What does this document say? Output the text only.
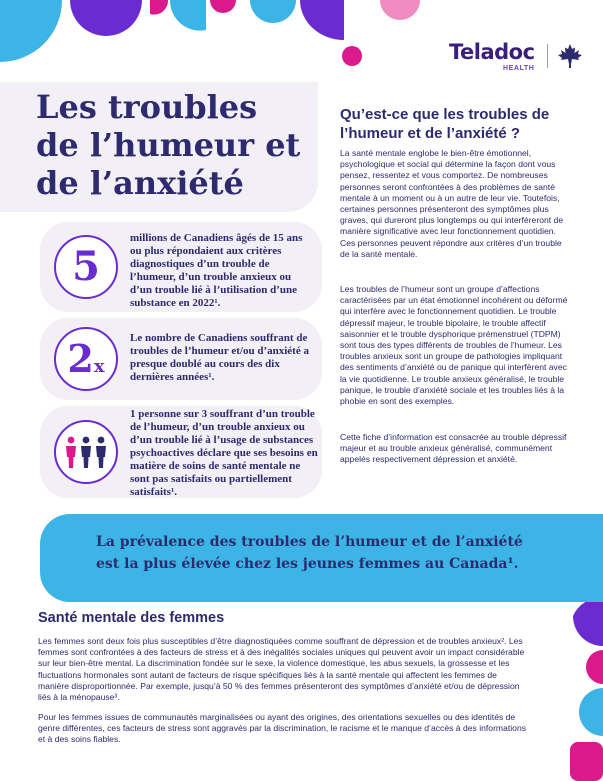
Teladoc
HEALTH
Les troubles de l’humeur et de l’anxiété
5

millions de Canadiens âgés de 15 ans ou plus répondaient aux critères diagnostiques d’un trouble de l’humeur, d’un trouble anxieux ou d’un trouble lié à l’utilisation d’une substance en 2022¹.

2x

Le nombre de Canadiens souffrant de troubles de l’humeur et/ou d’anxiété a presque doublé au cours des dix dernières années¹.

1 personne sur 3 souffrant d’un trouble de l’humeur, d’un trouble anxieux ou d’un trouble lié à l’usage de substances psychoactives déclare que ses besoins en matière de soins de santé mentale ne sont pas satisfaits ou partiellement satisfaits¹.

Qu’est-ce que les troubles de l’humeur et de l’anxiété ?

La santé mentale englobe le bien-être émotionnel, psychologique et social qui détermine la façon dont vous pensez, ressentez et vous comportez. De nombreuses personnes seront confrontées à des problèmes de santé mentale à un moment ou à un autre de leur vie. Toutefois, certaines personnes présenteront des symptômes plus graves, qui dureront plus longtemps ou qui interféreront de manière significative avec leur fonctionnement quotidien. Ces personnes peuvent répondre aux critères d’un trouble de la santé mentale.

Les troubles de l’humeur sont un groupe d’affections caractérisées par un état émotionnel incohérent ou déformé qui interfère avec le fonctionnement quotidien. Le trouble dépressif majeur, le trouble bipolaire, le trouble affectif saisonnier et le trouble dysphorique prémenstruel (TDPM) sont tous des types différents de troubles de l’humeur. Les troubles anxieux sont un groupe de pathologies impliquant des sentiments d’anxiété ou de panique qui interfèrent avec la vie quotidienne. Le trouble anxieux généralisé, le trouble panique, le trouble d’anxiété sociale et les troubles liés à la phobie en sont des exemples.

Cette fiche d’information est consacrée au trouble dépressif majeur et au trouble anxieux généralisé, communément appelés respectivement dépression et anxiété.

La prévalence des troubles de l’humeur et de l’anxiété est la plus élevée chez les jeunes femmes au Canada¹.

Santé mentale des femmes

Les femmes sont deux fois plus susceptibles d’être diagnostiquées comme souffrant de dépression et de troubles anxieux². Les femmes sont confrontées à des facteurs de stress et à des inégalités sociales uniques qui peuvent avoir un impact considérable sur leur bien-être mental. La discrimination fondée sur le sexe, la violence domestique, les abus sexuels, la grossesse et les fluctuations hormonales sont autant de facteurs de risque spécifiques liés à la santé mentale qui affectent les femmes de manière disproportionnée. Par exemple, jusqu’à 50 % des femmes présenteront des symptômes d’anxiété et/ou de dépression liés à la ménopause³.

Pour les femmes issues de communautés marginalisées ou ayant des origines, des orientations sexuelles ou des identités de genre différentes, ces facteurs de stress sont aggravés par la discrimination, le racisme et le manque d’accès à des informations et à des soins fiables.
